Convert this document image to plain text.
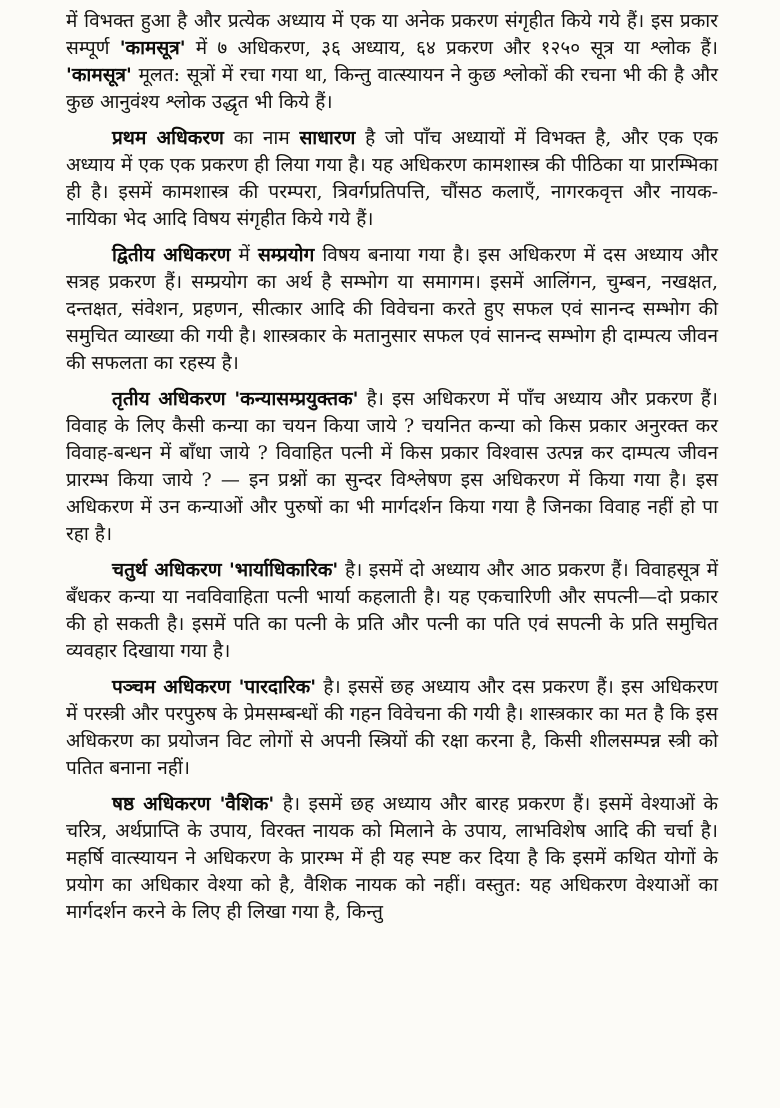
में विभक्त हुआ है और प्रत्येक अध्याय में एक या अनेक प्रकरण संगृहीत किये गये हैं। इस प्रकार सम्पूर्ण 'कामसूत्र' में ७ अधिकरण, ३६ अध्याय, ६४ प्रकरण और १२५० सूत्र या श्लोक हैं। 'कामसूत्र' मूलत: सूत्रों में रचा गया था, किन्तु वात्स्यायन ने कुछ श्लोकों की रचना भी की है और कुछ आनुवंश्य श्लोक उद्धृत भी किये हैं।

प्रथम अधिकरण का नाम साधारण है जो पाँच अध्यायों में विभक्त है, और एक एक अध्याय में एक एक प्रकरण ही लिया गया है। यह अधिकरण कामशास्त्र की पीठिका या प्रारम्भिका ही है। इसमें कामशास्त्र की परम्परा, त्रिवर्गप्रतिपत्ति, चौंसठ कलाएँ, नागरकवृत्त और नायक-नायिका भेद आदि विषय संगृहीत किये गये हैं।

द्वितीय अधिकरण में सम्प्रयोग विषय बनाया गया है। इस अधिकरण में दस अध्याय और सत्रह प्रकरण हैं। सम्प्रयोग का अर्थ है सम्भोग या समागम। इसमें आलिंगन, चुम्बन, नखक्षत, दन्तक्षत, संवेशन, प्रहणन, सीत्कार आदि की विवेचना करते हुए सफल एवं सानन्द सम्भोग की समुचित व्याख्या की गयी है। शास्त्रकार के मतानुसार सफल एवं सानन्द सम्भोग ही दाम्पत्य जीवन की सफलता का रहस्य है।

तृतीय अधिकरण 'कन्यासम्प्रयुक्तक' है। इस अधिकरण में पाँच अध्याय और प्रकरण हैं। विवाह के लिए कैसी कन्या का चयन किया जाये ? चयनित कन्या को किस प्रकार अनुरक्त कर विवाह-बन्धन में बाँधा जाये ? विवाहित पत्नी में किस प्रकार विश्वास उत्पन्न कर दाम्पत्य जीवन प्रारम्भ किया जाये ? — इन प्रश्नों का सुन्दर विश्लेषण इस अधिकरण में किया गया है। इस अधिकरण में उन कन्याओं और पुरुषों का भी मार्गदर्शन किया गया है जिनका विवाह नहीं हो पा रहा है।

चतुर्थ अधिकरण 'भार्याधिकारिक' है। इसमें दो अध्याय और आठ प्रकरण हैं। विवाहसूत्र में बँधकर कन्या या नवविवाहिता पत्नी भार्या कहलाती है। यह एकचारिणी और सपत्नी—दो प्रकार की हो सकती है। इसमें पति का पत्नी के प्रति और पत्नी का पति एवं सपत्नी के प्रति समुचित व्यवहार दिखाया गया है।

पञ्चम अधिकरण 'पारदारिक' है। इससें छह अध्याय और दस प्रकरण हैं। इस अधिकरण में परस्त्री और परपुरुष के प्रेमसम्बन्धों की गहन विवेचना की गयी है। शास्त्रकार का मत है कि इस अधिकरण का प्रयोजन विट लोगों से अपनी स्त्रियों की रक्षा करना है, किसी शीलसम्पन्न स्त्री को पतित बनाना नहीं।

षष्ठ अधिकरण 'वैशिक' है। इसमें छह अध्याय और बारह प्रकरण हैं। इसमें वेश्याओं के चरित्र, अर्थप्राप्ति के उपाय, विरक्त नायक को मिलाने के उपाय, लाभविशेष आदि की चर्चा है। महर्षि वात्स्यायन ने अधिकरण के प्रारम्भ में ही यह स्पष्ट कर दिया है कि इसमें कथित योगों के प्रयोग का अधिकार वेश्या को है, वैशिक नायक को नहीं। वस्तुत: यह अधिकरण वेश्याओं का मार्गदर्शन करने के लिए ही लिखा गया है, किन्तु
